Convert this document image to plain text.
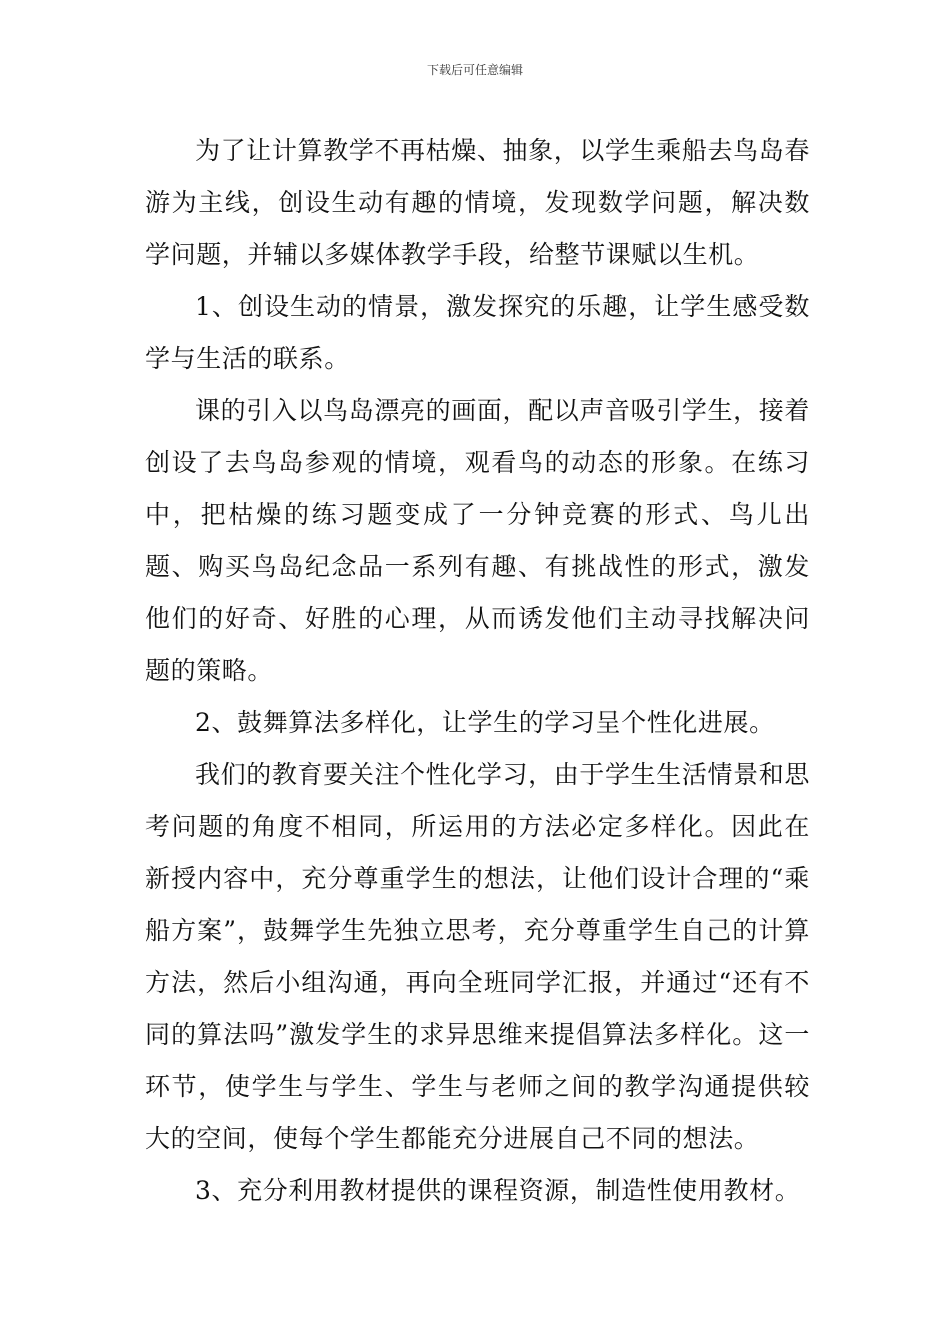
下载后可任意编辑

为了让计算教学不再枯燥、抽象，以学生乘船去鸟岛春游为主线，创设生动有趣的情境，发现数学问题，解决数学问题，并辅以多媒体教学手段，给整节课赋以生机。

1、创设生动的情景，激发探究的乐趣，让学生感受数学与生活的联系。

课的引入以鸟岛漂亮的画面，配以声音吸引学生，接着创设了去鸟岛参观的情境，观看鸟的动态的形象。在练习中，把枯燥的练习题变成了一分钟竞赛的形式、鸟儿出题、购买鸟岛纪念品一系列有趣、有挑战性的形式，激发他们的好奇、好胜的心理，从而诱发他们主动寻找解决问题的策略。

2、鼓舞算法多样化，让学生的学习呈个性化进展。

我们的教育要关注个性化学习，由于学生生活情景和思考问题的角度不相同，所运用的方法必定多样化。因此在新授内容中，充分尊重学生的想法，让他们设计合理的“乘船方案”，鼓舞学生先独立思考，充分尊重学生自己的计算方法，然后小组沟通，再向全班同学汇报，并通过“还有不同的算法吗”激发学生的求异思维来提倡算法多样化。这一环节，使学生与学生、学生与老师之间的教学沟通提供较大的空间，使每个学生都能充分进展自己不同的想法。

3、充分利用教材提供的课程资源，制造性使用教材。
